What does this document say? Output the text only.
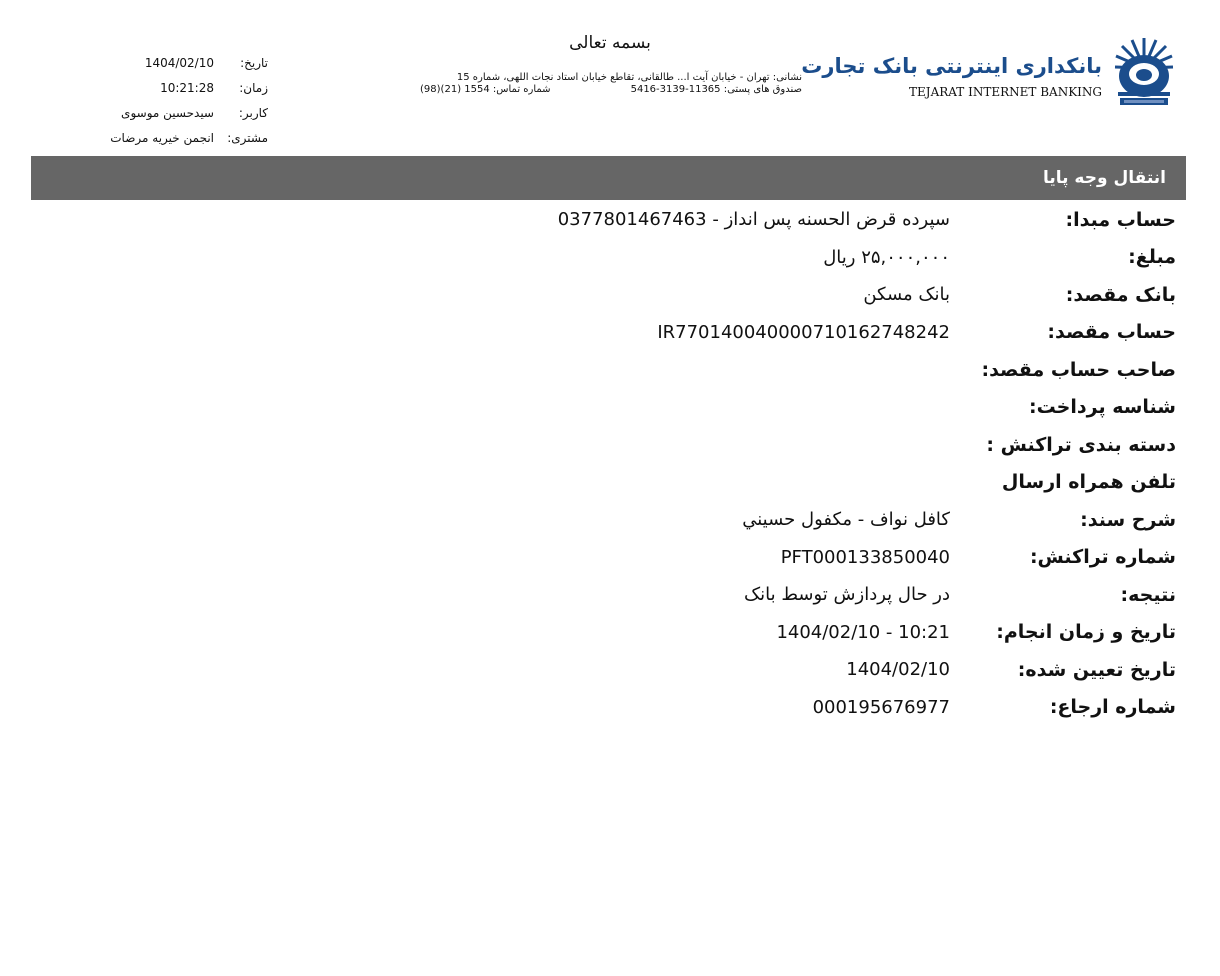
تاریخ:
1404/02/10
زمان:
10:21:28
کاربر:
سیدحسین موسوی
مشتری:
انجمن خیریه مرضات
بسمه تعالی
نشانی: تهران - خیابان آیت ا... طالقانی، تقاطع خیابان استاد نجات اللهی، شماره 15
صندوق های پستی: 11365-3139-5416
شماره تماس: 1554 (21)(98)
بانکداری اینترنتی بانک تجارت
TEJARAT INTERNET BANKING
انتقال وجه پایا
حساب مبدا:
سپرده قرض الحسنه پس انداز - 0377801467463
مبلغ:
۲۵,۰۰۰,۰۰۰ ریال
بانک مقصد:
بانک مسکن
حساب مقصد:
IR770140040000710162748242
صاحب حساب مقصد:
شناسه پرداخت:
دسته بندی تراکنش :
تلفن همراه ارسال
شرح سند:
کافل نواف - مکفول حسيني
شماره تراکنش:
PFT000133850040
نتیجه:
در حال پردازش توسط بانک
تاریخ و زمان انجام:
1404/02/10 - 10:21
تاریخ تعیین شده:
1404/02/10
شماره ارجاع:
000195676977
